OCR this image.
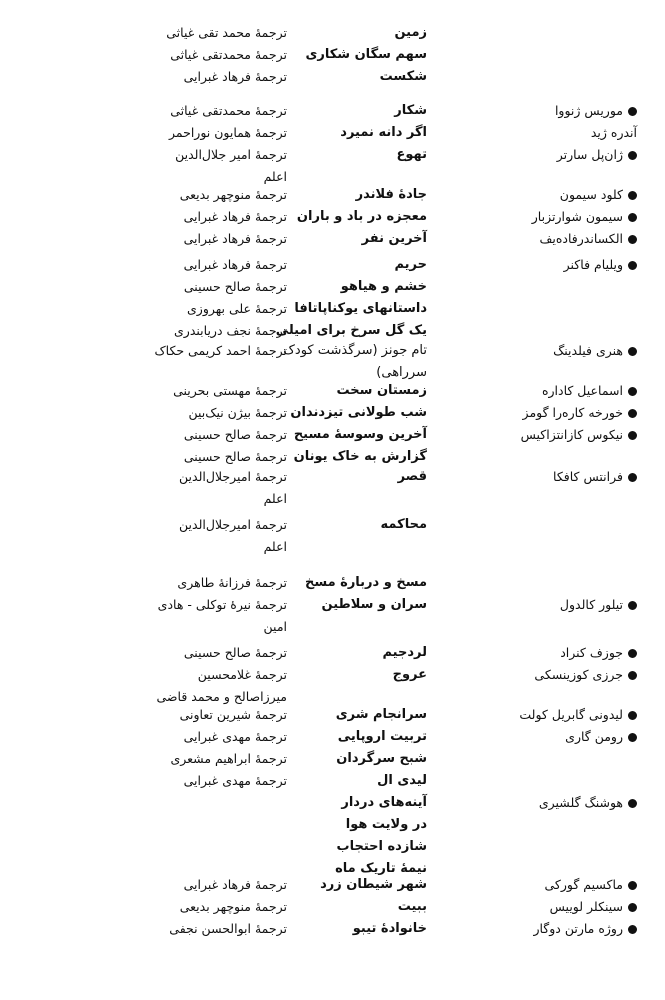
زمین
ترجمهٔ محمد تقی غیاثی
سهم سگان شکاری
ترجمهٔ محمدتقی غیاثی
شکست
ترجمهٔ فرهاد غبرایی
موریس ژنووا
شکار
ترجمهٔ محمدتقی غیاثی
آندره ژید
اگر دانه نمیرد
ترجمهٔ همایون نوراحمر
ژان‌پل سارتر
تهوع
ترجمهٔ امیر جلال‌الدین اعلم
کلود سیمون
جادهٔ فلاندر
ترجمهٔ منوچهر بدیعی
سیمون شوارتزبار
معجزه در باد و باران
ترجمهٔ فرهاد غبرایی
الکساندرفاده‌یف
آخرین نفر
ترجمهٔ فرهاد غبرایی
ویلیام فاکنر
حریم
ترجمهٔ فرهاد غبرایی
خشم و هیاهو
ترجمهٔ صالح حسینی
داستانهای یوکناپاتافا
ترجمهٔ علی بهروزی
یک گل سرخ برای امیلی
ترجمهٔ نجف دریابندری
هنری فیلدینگ
تام جونز (سرگذشت کودک سرراهی)
ترجمهٔ احمد کریمی حکاک
اسماعیل کاداره
زمستان سخت
ترجمهٔ مهستی بحرینی
خورخه کارەرا گومز
شب طولانی تیزدندان
ترجمهٔ بیژن نیک‌بین
نیکوس کازانتزاکیس
آخرین وسوسهٔ مسیح
ترجمهٔ صالح حسینی
گزارش به خاک یونان
ترجمهٔ صالح حسینی
فرانتس کافکا
قصر
ترجمهٔ امیرجلال‌الدین اعلم
محاکمه
ترجمهٔ امیرجلال‌الدین اعلم
مسخ و دربارهٔ مسخ
ترجمهٔ فرزانهٔ طاهری
تیلور کالدول
سران و سلاطین
ترجمهٔ نیرهٔ توکلی - هادی امین
جوزف کنراد
لردجیم
ترجمهٔ صالح حسینی
جرزی کوزینسکی
عروج
ترجمهٔ غلامحسین میرزاصالح و محمد قاضی
لیدونی گابریل کولت
سرانجام شری
ترجمهٔ شیرین تعاونی
رومن گاری
تربیت اروپایی
ترجمهٔ مهدی غبرایی
شبح سرگردان
ترجمهٔ ابراهیم مشعری
لیدی ال
ترجمهٔ مهدی غبرایی
هوشنگ گلشیری
آینه‌های دردار
در ولایت هوا
شازده احتجاب
نیمهٔ تاریک ماه
ماکسیم گورکی
شهر شیطان زرد
ترجمهٔ فرهاد غبرایی
سینکلر لوییس
ببیت
ترجمهٔ منوچهر بدیعی
روژه مارتن دوگار
خانوادهٔ تیبو
ترجمهٔ ابوالحسن نجفی
